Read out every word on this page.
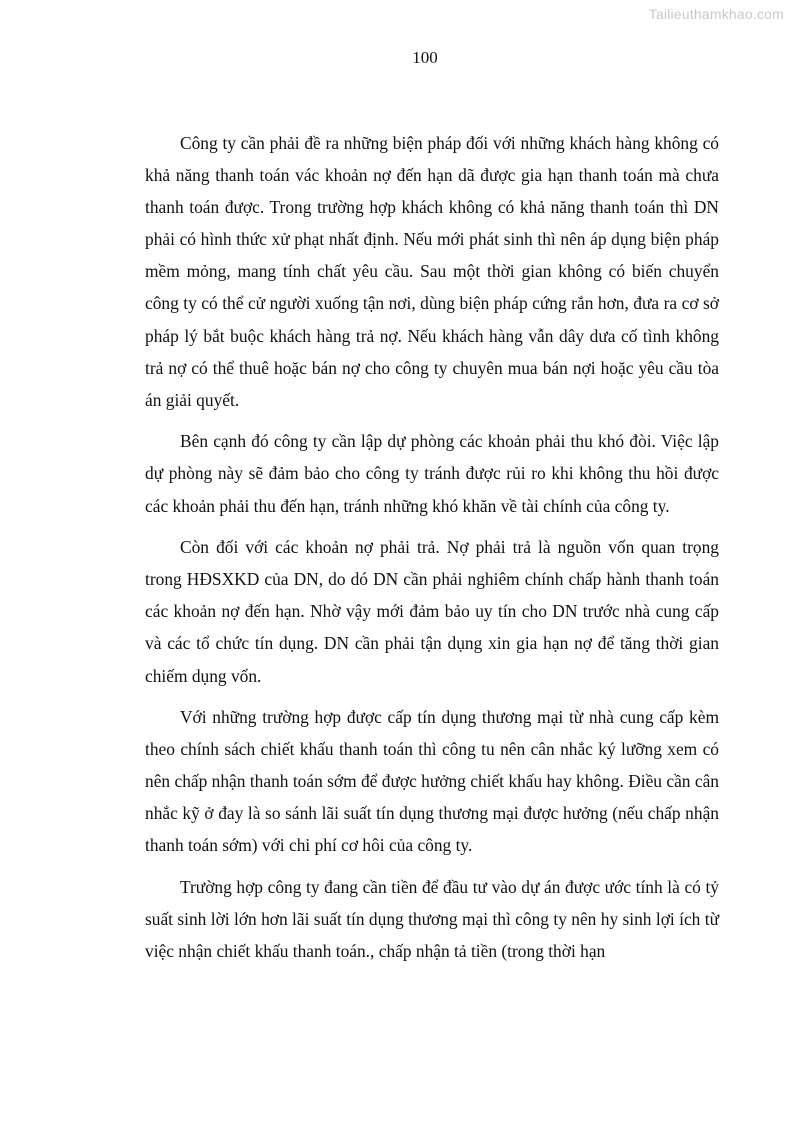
Tailieuthamkhao.com
100

Công ty cần phải đề ra những biện pháp đối với những khách hàng không có khả năng thanh toán vác khoản nợ đến hạn dã được gia hạn thanh toán mà chưa thanh toán được. Trong trường hợp khách không có khả năng thanh toán thì DN phải có hình thức xử phạt nhất định. Nếu mới phát sinh thì nên áp dụng biện pháp mềm mỏng, mang tính chất yêu cầu. Sau một thời gian không có biến chuyển công ty có thể cử người xuống tận nơi, dùng biện pháp cứng rắn hơn, đưa ra cơ sở pháp lý bắt buộc khách hàng trả nợ. Nếu khách hàng vẫn dây dưa cố tình không trả nợ có thể thuê hoặc bán nợ cho công ty chuyên mua bán nợi hoặc yêu cầu tòa án giải quyết.

Bên cạnh đó công ty cần lập dự phòng các khoản phải thu khó đòi. Việc lập dự phòng này sẽ đảm bảo cho công ty tránh được rủi ro khi không thu hồi được các khoản phải thu đến hạn, tránh những khó khăn về tài chính của công ty.

Còn đối với các khoản nợ phải trả. Nợ phải trả là nguồn vốn quan trọng trong HĐSXKD của DN, do dó DN cần phải nghiêm chính chấp hành thanh toán các khoản nợ đến hạn. Nhờ vậy mới đảm bảo uy tín cho DN trước nhà cung cấp và các tổ chức tín dụng. DN cần phải tận dụng xin gia hạn nợ để tăng thời gian chiếm dụng vốn.

Với những trường hợp được cấp tín dụng thương mại từ nhà cung cấp kèm theo chính sách chiết khấu thanh toán thì công tu nên cân nhắc ký lưỡng xem có nên chấp nhận thanh toán sớm để được hưởng chiết khấu hay không. Điều cần cân nhắc kỹ ở đay là so sánh lãi suất tín dụng thương mại được hưởng (nếu chấp nhận thanh toán sớm) với chi phí cơ hôi của công ty.

Trường hợp công ty đang cần tiền để đầu tư vào dự án được ước tính là có tỷ suất sinh lời lớn hơn lãi suất tín dụng thương mại thì công ty nên hy sinh lợi ích từ việc nhận chiết khấu thanh toán., chấp nhận tả tiền (trong thời hạn
